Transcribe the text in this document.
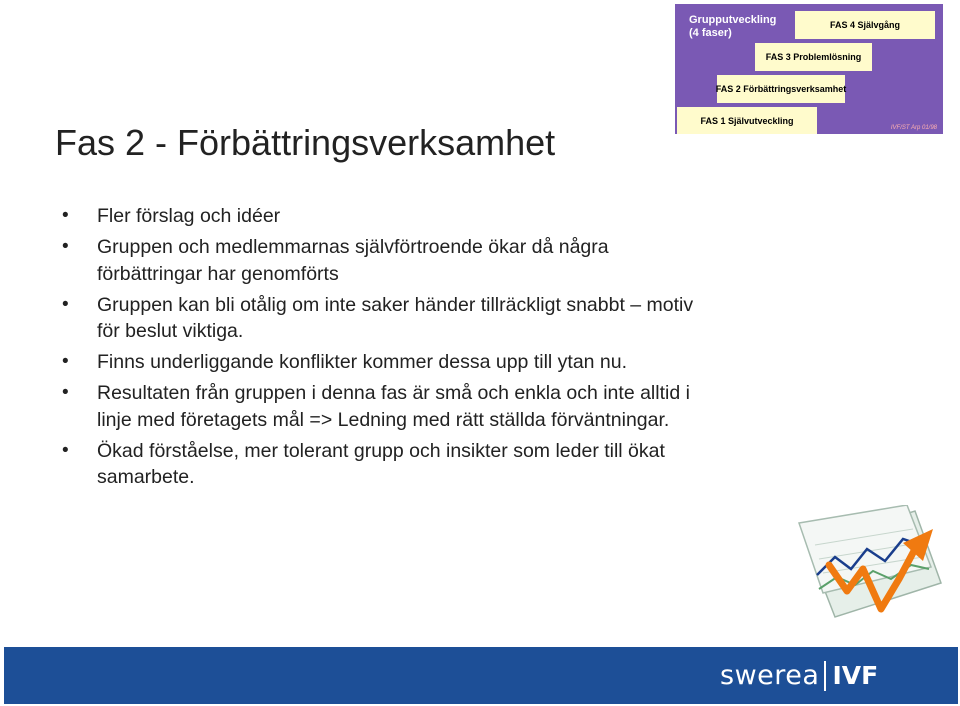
Grupputveckling
(4 faser)
FAS 4 Självgång
FAS 3 Problemlösning
FAS 2 Förbättringsverksamhet
FAS 1 Självutveckling
IVF/ST Arp 01/98
Fas 2 - Förbättringsverksamhet
• Fler förslag och idéer
• Gruppen och medlemmarnas självförtroende ökar då några
förbättringar har genomförts
• Gruppen kan bli otålig om inte saker händer tillräckligt snabbt – motiv
för beslut viktiga.
• Finns underliggande konflikter kommer dessa upp till ytan nu.
• Resultaten från gruppen i denna fas är små och enkla och inte alltid i
linje med företagets mål => Ledning med rätt ställda förväntningar.
• Ökad förståelse, mer tolerant grupp och insikter som leder till ökat
samarbete.
swerea IVF
